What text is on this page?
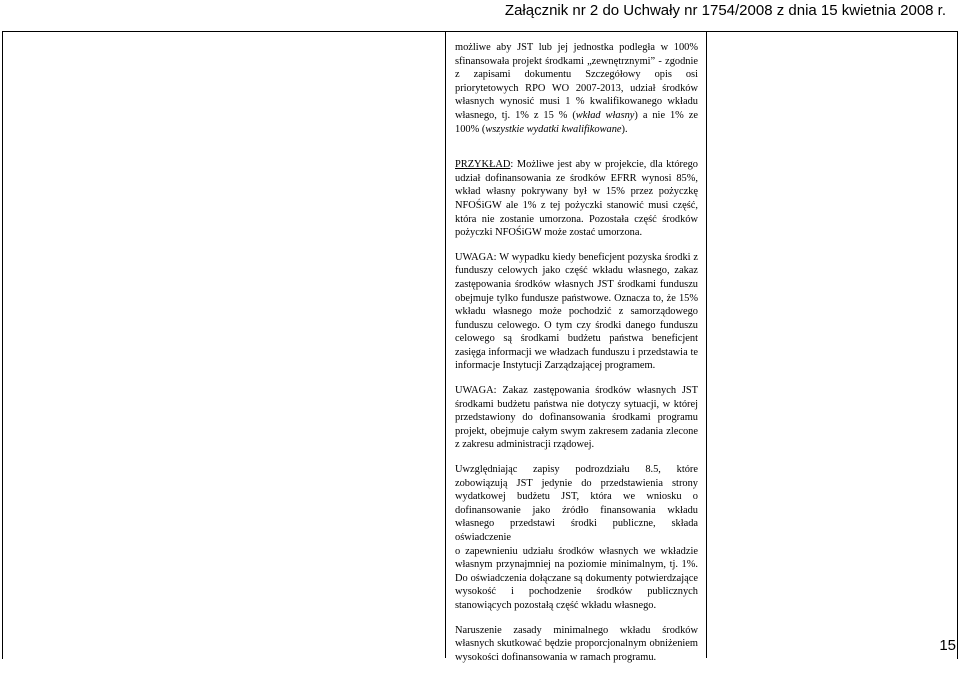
Załącznik nr 2 do Uchwały nr 1754/2008 z dnia 15 kwietnia 2008 r.

możliwe aby JST lub jej jednostka podległa w 100% sfinansowała projekt środkami „zewnętrznymi” - zgodnie z zapisami dokumentu Szczegółowy opis osi priorytetowych RPO WO 2007-2013, udział środków własnych wynosić musi 1 % kwalifikowanego wkładu własnego, tj. 1% z 15 % (wkład własny) a nie 1% ze 100% (wszystkie wydatki kwalifikowane).

PRZYKŁAD: Możliwe jest aby w projekcie, dla którego udział dofinansowania ze środków EFRR wynosi 85%, wkład własny pokrywany był w 15% przez pożyczkę NFOŚiGW ale 1% z tej pożyczki stanowić musi część, która nie zostanie umorzona. Pozostała część środków pożyczki NFOŚiGW może zostać umorzona.

UWAGA: W wypadku kiedy beneficjent pozyska środki z funduszy celowych jako część wkładu własnego, zakaz zastępowania środków własnych JST środkami funduszu obejmuje tylko fundusze państwowe. Oznacza to, że 15% wkładu własnego może pochodzić z samorządowego funduszu celowego. O tym czy środki danego funduszu celowego są środkami budżetu państwa beneficjent zasięga informacji we władzach funduszu i przedstawia te informacje Instytucji Zarządzającej programem.

UWAGA: Zakaz zastępowania środków własnych JST środkami budżetu państwa nie dotyczy sytuacji, w której przedstawiony do dofinansowania środkami programu projekt, obejmuje całym swym zakresem zadania zlecone z zakresu administracji rządowej.

Uwzględniając zapisy podrozdziału 8.5, które zobowiązują JST jedynie do przedstawienia strony wydatkowej budżetu JST, która we wniosku o dofinansowanie jako źródło finansowania wkładu własnego przedstawi środki publiczne, składa oświadczenie

o zapewnieniu udziału środków własnych we wkładzie własnym przynajmniej na poziomie minimalnym, tj. 1%. Do oświadczenia dołączane są dokumenty potwierdzające wysokość i pochodzenie środków publicznych stanowiących pozostałą część wkładu własnego.

Naruszenie zasady minimalnego wkładu środków własnych skutkować będzie proporcjonalnym obniżeniem wysokości dofinansowania w ramach programu.

15
